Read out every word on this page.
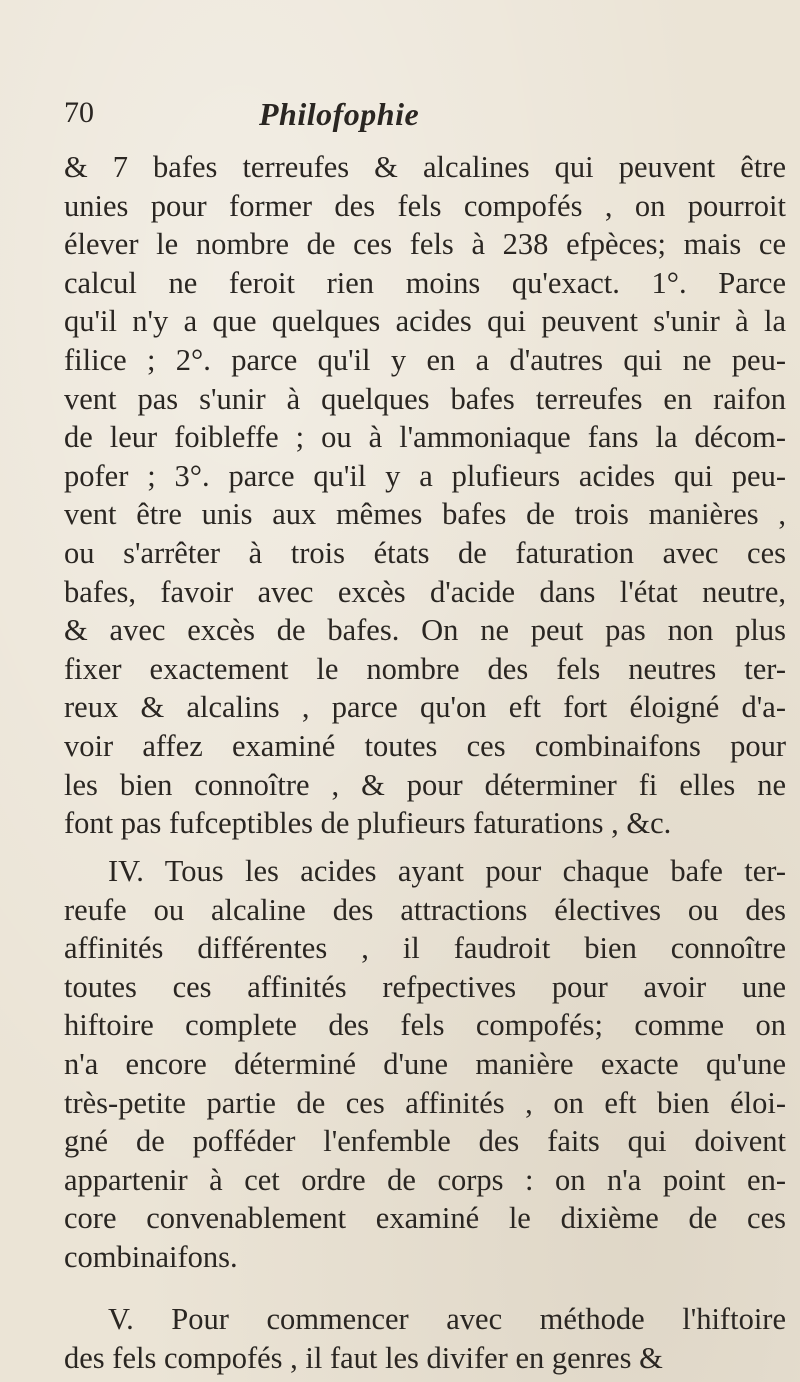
70	Philofophie
& 7 bafes terreufes & alcalines qui peuvent être
unies pour former des fels compofés , on pourroit
élever le nombre de ces fels à 238 efpèces; mais ce
calcul ne feroit rien moins qu'exact. 1°. Parce
qu'il n'y a que quelques acides qui peuvent s'unir à la
filice ; 2°. parce qu'il y en a d'autres qui ne peu-
vent pas s'unir à quelques bafes terreufes en raifon
de leur foibleffe ; ou à l'ammoniaque fans la décom-
pofer ; 3°. parce qu'il y a plufieurs acides qui peu-
vent être unis aux mêmes bafes de trois manières ,
ou s'arrêter à trois états de faturation avec ces
bafes, favoir avec excès d'acide dans l'état neutre,
& avec excès de bafes. On ne peut pas non plus
fixer exactement le nombre des fels neutres ter-
reux & alcalins , parce qu'on eft fort éloigné d'a-
voir affez examiné toutes ces combinaifons pour
les bien connoître , & pour déterminer fi elles ne
font pas fufceptibles de plufieurs faturations , &c.
IV. Tous les acides ayant pour chaque bafe ter-
reufe ou alcaline des attractions électives ou des
affinités différentes , il faudroit bien connoître
toutes ces affinités refpectives pour avoir une
hiftoire complete des fels compofés; comme on
n'a encore déterminé d'une manière exacte qu'une
très-petite partie de ces affinités , on eft bien éloi-
gné de pofféder l'enfemble des faits qui doivent
appartenir à cet ordre de corps : on n'a point en-
core convenablement examiné le dixième de ces
combinaifons.
V. Pour commencer avec méthode l'hiftoire
des fels compofés , il faut les divifer en genres &
